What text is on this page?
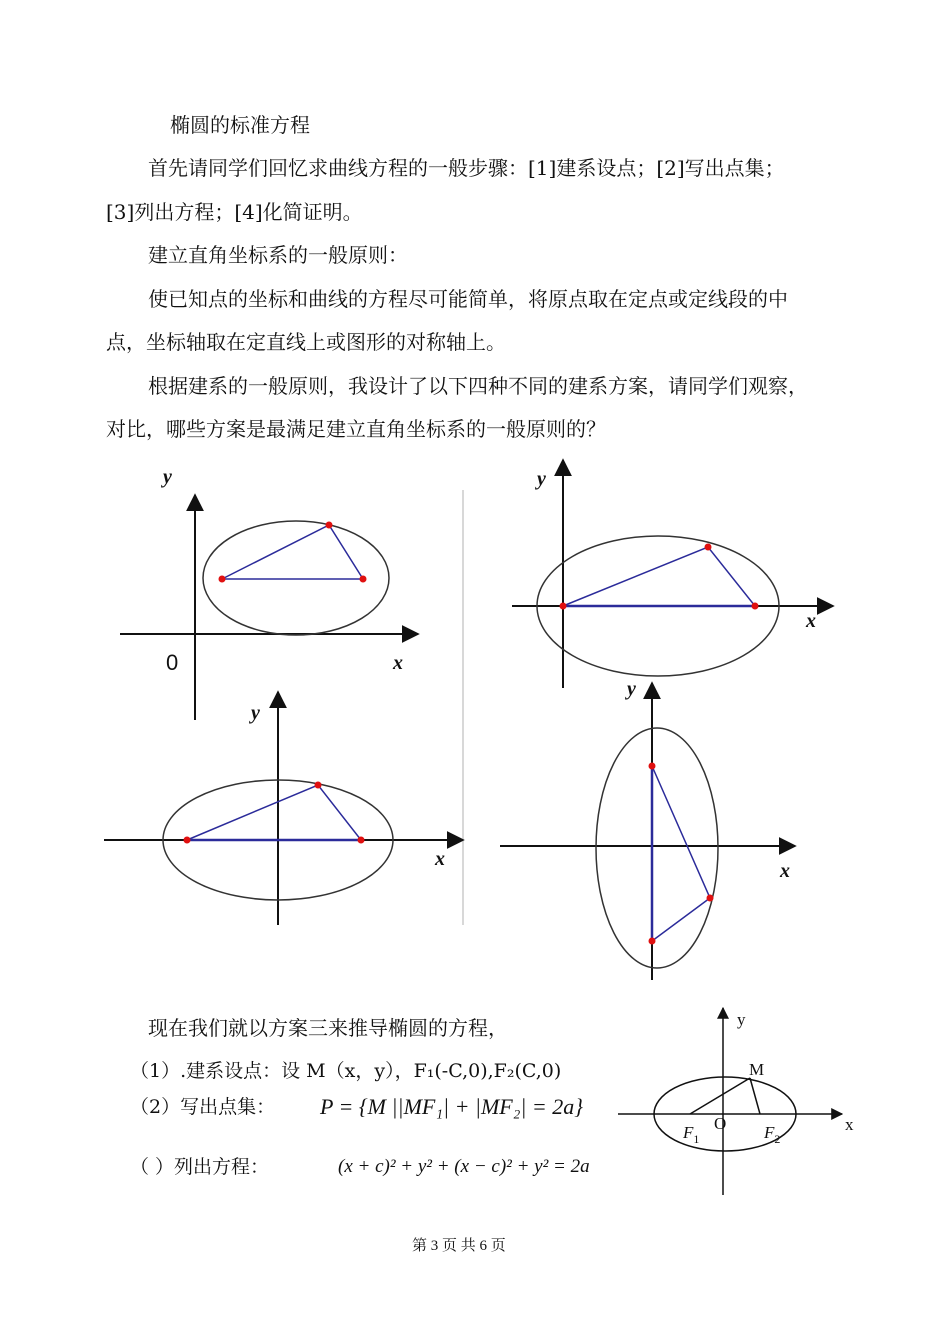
椭圆的标准方程
首先请同学们回忆求曲线方程的一般步骤：[1]建系设点；[2]写出点集；
[3]列出方程；[4]化简证明。
建立直角坐标系的一般原则：
使已知点的坐标和曲线的方程尽可能简单，将原点取在定点或定线段的中
点，坐标轴取在定直线上或图形的对称轴上。
根据建系的一般原则，我设计了以下四种不同的建系方案，请同学们观察，
对比，哪些方案是最满足建立直角坐标系的一般原则的？
y
0	x
y
x
y
x
y
x
现在我们就以方案三来推导椭圆的方程，
（1）.建系设点：设 M（x，y），F₁(-C,0),F₂(C,0)
（2）写出点集： P = {M ||MF₁| + |MF₂| = 2a}
（ ）列出方程：	(x + c)² + y² + (x − c)² + y² = 2a
y
x
M
O
$F_1$	$F_2$
第 3 页 共 6 页
